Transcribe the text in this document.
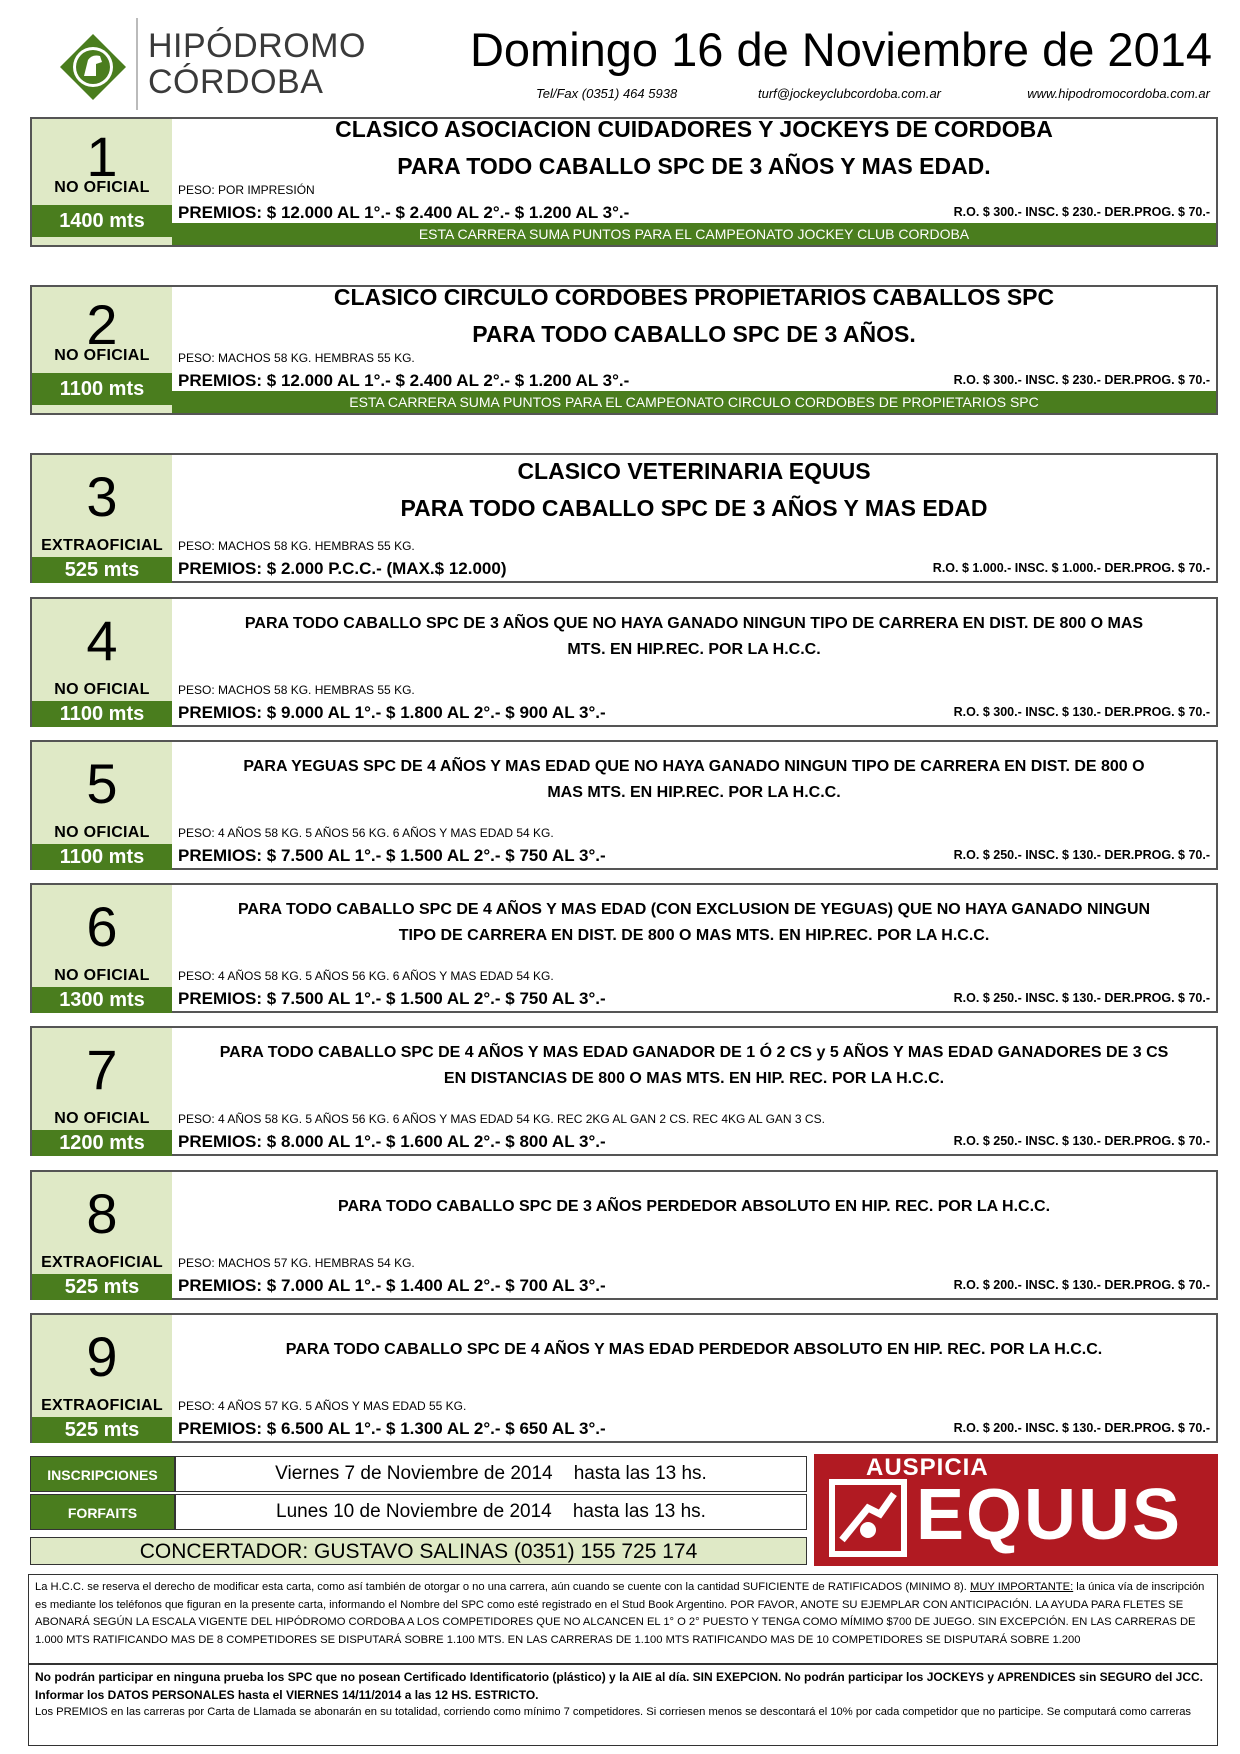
HIPÓDROMO
CÓRDOBA
Domingo 16 de Noviembre de 2014
Tel/Fax (0351) 464 5938	turf@jockeyclubcordoba.com.ar	www.hipodromocordoba.com.ar
1
NO OFICIAL
1400 mts
CLASICO ASOCIACION CUIDADORES Y JOCKEYS DE CORDOBA
PARA TODO CABALLO SPC DE 3 AÑOS Y MAS EDAD.
PESO: POR IMPRESIÓN
PREMIOS: $ 12.000 AL 1°.- $ 2.400 AL 2°.- $ 1.200 AL 3°.-	R.O. $ 300.- INSC. $ 230.- DER.PROG. $ 70.-
ESTA CARRERA SUMA PUNTOS PARA EL CAMPEONATO JOCKEY CLUB CORDOBA
2
NO OFICIAL
1100 mts
CLASICO CIRCULO CORDOBES PROPIETARIOS CABALLOS SPC
PARA TODO CABALLO SPC DE 3 AÑOS.
PESO: MACHOS 58 KG. HEMBRAS 55 KG.
PREMIOS: $ 12.000 AL 1°.- $ 2.400 AL 2°.- $ 1.200 AL 3°.-	R.O. $ 300.- INSC. $ 230.- DER.PROG. $ 70.-
ESTA CARRERA SUMA PUNTOS PARA EL CAMPEONATO CIRCULO CORDOBES DE PROPIETARIOS SPC
3
EXTRAOFICIAL
525 mts
CLASICO VETERINARIA EQUUS
PARA TODO CABALLO SPC DE 3 AÑOS Y MAS EDAD
PESO: MACHOS 58 KG. HEMBRAS 55 KG.
PREMIOS: $ 2.000 P.C.C.- (MAX.$ 12.000)	R.O. $ 1.000.- INSC. $ 1.000.- DER.PROG. $ 70.-
4
NO OFICIAL
1100 mts
PARA TODO CABALLO SPC DE 3 AÑOS QUE NO HAYA GANADO NINGUN TIPO DE CARRERA EN DIST. DE 800 O MAS
MTS. EN HIP.REC. POR LA H.C.C.
PESO: MACHOS 58 KG. HEMBRAS 55 KG.
PREMIOS: $ 9.000 AL 1°.- $ 1.800 AL 2°.- $ 900 AL 3°.-	R.O. $ 300.- INSC. $ 130.- DER.PROG. $ 70.-
5
NO OFICIAL
1100 mts
PARA YEGUAS SPC DE 4 AÑOS Y MAS EDAD QUE NO HAYA GANADO NINGUN TIPO DE CARRERA EN DIST. DE 800 O
MAS MTS. EN HIP.REC. POR LA H.C.C.
PESO: 4 AÑOS 58 KG. 5 AÑOS 56 KG. 6 AÑOS Y MAS EDAD 54 KG.
PREMIOS: $ 7.500 AL 1°.- $ 1.500 AL 2°.- $ 750 AL 3°.-	R.O. $ 250.- INSC. $ 130.- DER.PROG. $ 70.-
6
NO OFICIAL
1300 mts
PARA TODO CABALLO SPC DE 4 AÑOS Y MAS EDAD (CON EXCLUSION DE YEGUAS) QUE NO HAYA GANADO NINGUN
TIPO DE CARRERA EN DIST. DE 800 O MAS MTS. EN HIP.REC. POR LA H.C.C.
PESO: 4 AÑOS 58 KG. 5 AÑOS 56 KG. 6 AÑOS Y MAS EDAD 54 KG.
PREMIOS: $ 7.500 AL 1°.- $ 1.500 AL 2°.- $ 750 AL 3°.-	R.O. $ 250.- INSC. $ 130.- DER.PROG. $ 70.-
7
NO OFICIAL
1200 mts
PARA TODO CABALLO SPC DE 4 AÑOS Y MAS EDAD GANADOR DE 1 Ó 2 CS y 5 AÑOS Y MAS EDAD GANADORES DE 3 CS
EN DISTANCIAS DE 800 O MAS MTS. EN HIP. REC. POR LA H.C.C.
PESO: 4 AÑOS 58 KG. 5 AÑOS 56 KG. 6 AÑOS Y MAS EDAD 54 KG. REC 2KG AL GAN 2 CS. REC 4KG AL GAN 3 CS.
PREMIOS: $ 8.000 AL 1°.- $ 1.600 AL 2°.- $ 800 AL 3°.-	R.O. $ 250.- INSC. $ 130.- DER.PROG. $ 70.-
8
EXTRAOFICIAL
525 mts
PARA TODO CABALLO SPC DE 3 AÑOS PERDEDOR ABSOLUTO EN HIP. REC. POR LA H.C.C.
PESO: MACHOS 57 KG. HEMBRAS 54 KG.
PREMIOS: $ 7.000 AL 1°.- $ 1.400 AL 2°.- $ 700 AL 3°.-	R.O. $ 200.- INSC. $ 130.- DER.PROG. $ 70.-
9
EXTRAOFICIAL
525 mts
PARA TODO CABALLO SPC DE 4 AÑOS Y MAS EDAD PERDEDOR ABSOLUTO EN HIP. REC. POR LA H.C.C.
PESO: 4 AÑOS 57 KG. 5 AÑOS Y MAS EDAD 55 KG.
PREMIOS: $ 6.500 AL 1°.- $ 1.300 AL 2°.- $ 650 AL 3°.-	R.O. $ 200.- INSC. $ 130.- DER.PROG. $ 70.-
INSCRIPCIONES	Viernes 7 de Noviembre de 2014    hasta las 13 hs.
FORFAITS	Lunes 10 de Noviembre de 2014    hasta las 13 hs.
CONCERTADOR: GUSTAVO SALINAS (0351) 155 725 174
AUSPICIA
EQUUS
La H.C.C. se reserva el derecho de modificar esta carta, como así también de otorgar o no una carrera, aún cuando se cuente con la cantidad SUFICIENTE de RATIFICADOS (MINIMO 8). MUY IMPORTANTE: la única vía de inscripción es mediante los teléfonos que figuran en la presente carta, informando el Nombre del SPC como esté registrado en el Stud Book Argentino. POR FAVOR, ANOTE SU EJEMPLAR CON ANTICIPACIÓN. LA AYUDA PARA FLETES SE ABONARÁ SEGÚN LA ESCALA VIGENTE DEL HIPÓDROMO CORDOBA A LOS COMPETIDORES QUE NO ALCANCEN EL 1° O 2° PUESTO Y TENGA COMO MÍMIMO $700 DE JUEGO. SIN EXCEPCIÓN. EN LAS CARRERAS DE 1.000 MTS RATIFICANDO MAS DE 8 COMPETIDORES SE DISPUTARÁ SOBRE 1.100 MTS. EN LAS CARRERAS DE 1.100 MTS RATIFICANDO MAS DE 10 COMPETIDORES SE DISPUTARÁ SOBRE 1.200
No podrán participar en ninguna prueba los SPC que no posean Certificado Identificatorio (plástico) y la AIE al día. SIN EXEPCION. No podrán participar los JOCKEYS y APRENDICES sin SEGURO del JCC. Informar los DATOS PERSONALES hasta el VIERNES 14/11/2014 a las 12 HS. ESTRICTO.
Los PREMIOS en las carreras por Carta de Llamada se abonarán en su totalidad, corriendo como mínimo 7 competidores. Si corriesen menos se descontará el 10% por cada competidor que no participe. Se computará como carreras
